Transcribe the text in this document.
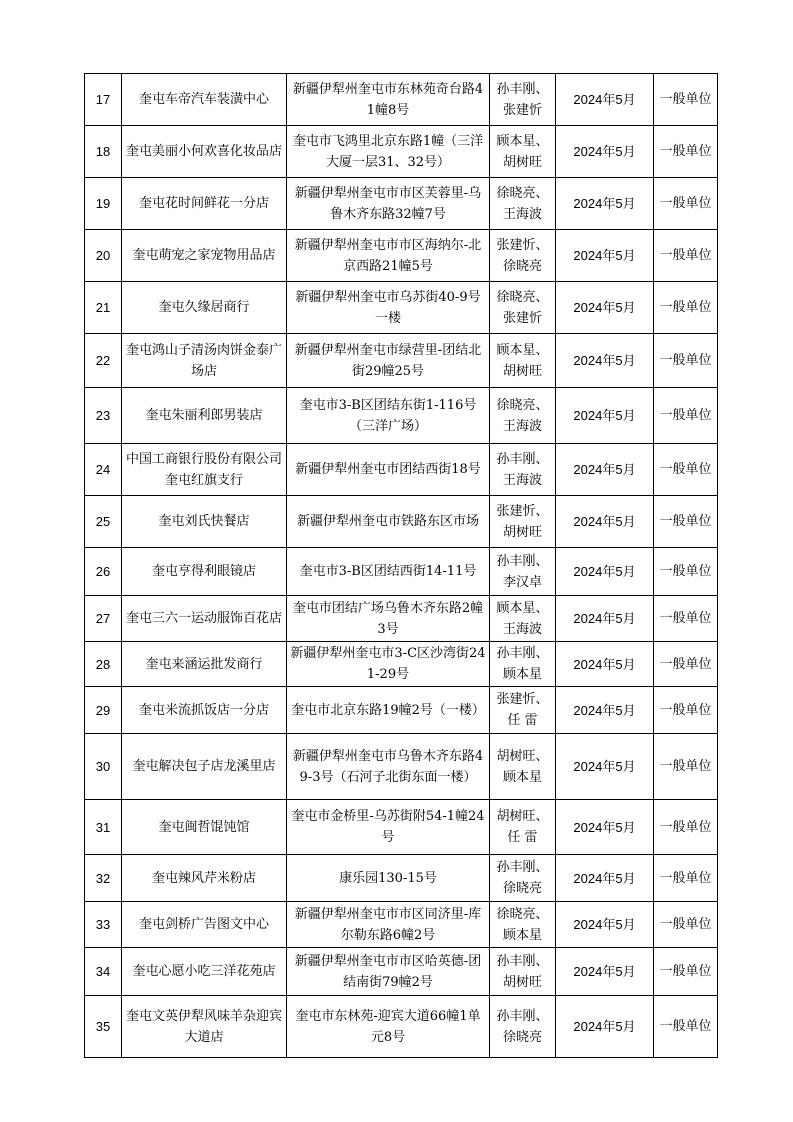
17	奎屯车帝汽车装潢中心	新疆伊犁州奎屯市东林苑奇台路41幢8号	孙丰刚、张建忻	2024年5月	一般单位
18	奎屯美丽小何欢喜化妆品店	奎屯市飞鸿里北京东路1幢（三洋大厦一层31、32号）	顾本星、胡树旺	2024年5月	一般单位
19	奎屯花时间鲜花一分店	新疆伊犁州奎屯市市区芙蓉里-乌鲁木齐东路32幢7号	徐晓亮、王海波	2024年5月	一般单位
20	奎屯萌宠之家宠物用品店	新疆伊犁州奎屯市市区海纳尔-北京西路21幢5号	张建忻、徐晓亮	2024年5月	一般单位
21	奎屯久缘居商行	新疆伊犁州奎屯市乌苏街40-9号一楼	徐晓亮、张建忻	2024年5月	一般单位
22	奎屯鸿山子清汤肉饼金泰广场店	新疆伊犁州奎屯市绿营里-团结北街29幢25号	顾本星、胡树旺	2024年5月	一般单位
23	奎屯朱丽利郎男装店	奎屯市3-B区团结东街1-116号（三洋广场）	徐晓亮、王海波	2024年5月	一般单位
24	中国工商银行股份有限公司奎屯红旗支行	新疆伊犁州奎屯市团结西街18号	孙丰刚、王海波	2024年5月	一般单位
25	奎屯刘氏快餐店	新疆伊犁州奎屯市铁路东区市场	张建忻、胡树旺	2024年5月	一般单位
26	奎屯亨得利眼镜店	奎屯市3-B区团结西街14-11号	孙丰刚、李汉卓	2024年5月	一般单位
27	奎屯三六一运动服饰百花店	奎屯市团结广场乌鲁木齐东路2幢3号	顾本星、王海波	2024年5月	一般单位
28	奎屯来涵运批发商行	新疆伊犁州奎屯市3-C区沙湾街241-29号	孙丰刚、顾本星	2024年5月	一般单位
29	奎屯米流抓饭店一分店	奎屯市北京东路19幢2号（一楼）	张建忻、任 雷	2024年5月	一般单位
30	奎屯解决包子店龙溪里店	新疆伊犁州奎屯市乌鲁木齐东路49-3号（石河子北街东面一楼）	胡树旺、顾本星	2024年5月	一般单位
31	奎屯闽哲馄饨馆	奎屯市金桥里-乌苏街附54-1幢24号	胡树旺、任 雷	2024年5月	一般单位
32	奎屯辣风芹米粉店	康乐园130-15号	孙丰刚、徐晓亮	2024年5月	一般单位
33	奎屯剑桥广告图文中心	新疆伊犁州奎屯市市区同济里-库尔勒东路6幢2号	徐晓亮、顾本星	2024年5月	一般单位
34	奎屯心愿小吃三洋花苑店	新疆伊犁州奎屯市市区哈英德-团结南街79幢2号	孙丰刚、胡树旺	2024年5月	一般单位
35	奎屯文英伊犁风味羊杂迎宾大道店	奎屯市东林苑-迎宾大道66幢1单元8号	孙丰刚、徐晓亮	2024年5月	一般单位
